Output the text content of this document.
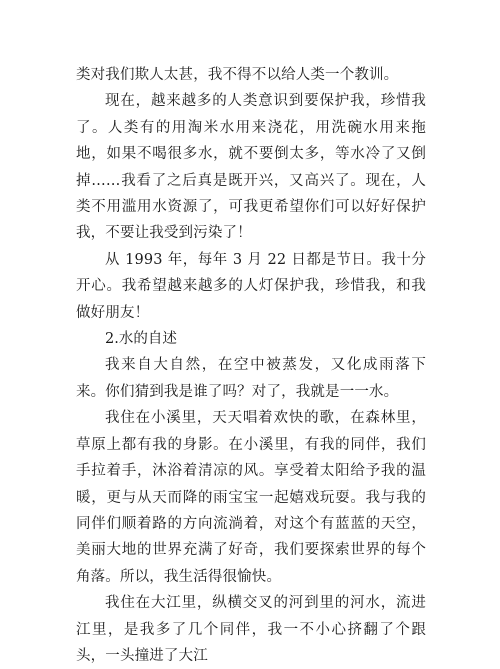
类对我们欺人太甚，我不得不以给人类一个教训。

现在，越来越多的人类意识到要保护我，珍惜我了。人类有的用淘米水用来浇花，用洗碗水用来拖地，如果不喝很多水，就不要倒太多，等水冷了又倒掉……我看了之后真是既开兴，又高兴了。现在，人类不用滥用水资源了，可我更希望你们可以好好保护我，不要让我受到污染了！

从 1993 年，每年 3 月 22 日都是节日。我十分开心。我希望越来越多的人灯保护我，珍惜我，和我做好朋友！

2.水的自述

我来自大自然，在空中被蒸发，又化成雨落下来。你们猜到我是谁了吗？对了，我就是一一水。

我住在小溪里，天天唱着欢快的歌，在森林里，草原上都有我的身影。在小溪里，有我的同伴，我们手拉着手，沐浴着清凉的风。享受着太阳给予我的温暖，更与从天而降的雨宝宝一起嬉戏玩耍。我与我的同伴们顺着路的方向流淌着，对这个有蓝蓝的天空，美丽大地的世界充满了好奇，我们要探索世界的每个角落。所以，我生活得很愉快。

我住在大江里，纵横交叉的河到里的河水，流进江里，是我多了几个同伴，我一不小心挤翻了个跟头，一头撞进了大江
